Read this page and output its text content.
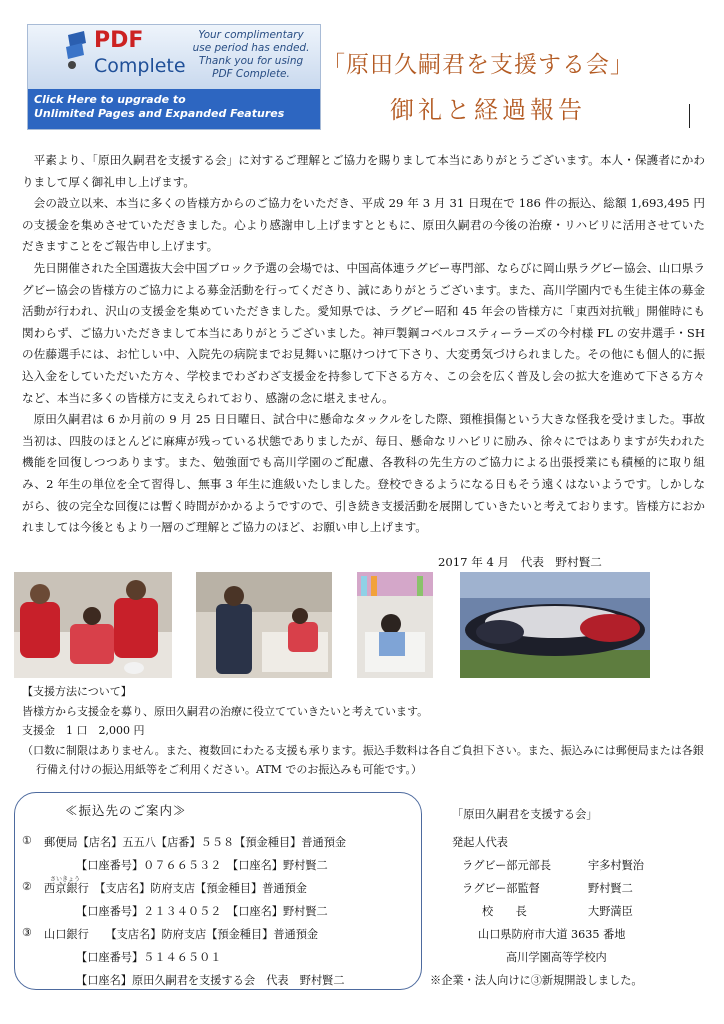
PDF
Complete
Your complimentary
use period has ended.
Thank you for using
PDF Complete.
Click Here to upgrade to
Unlimited Pages and Expanded Features
「原田久嗣君を支援する会」
御礼と経過報告

平素より、「原田久嗣君を支援する会」に対するご理解とご協力を賜りまして本当にありがとうございます。本人・保護者にかわりまして厚く御礼申し上げます。

会の設立以来、本当に多くの皆様方からのご協力をいただき、平成 29 年 3 月 31 日現在で 186 件の振込、総額 1,693,495 円の支援金を集めさせていただきました。心より感謝申し上げますとともに、原田久嗣君の今後の治療・リハビリに活用させていただきますことをご報告申し上げます。

先日開催された全国選抜大会中国ブロック予選の会場では、中国高体連ラグビー専門部、ならびに岡山県ラグビー協会、山口県ラグビー協会の皆様方のご協力による募金活動を行ってくださり、誠にありがとうございます。また、高川学園内でも生徒主体の募金活動が行われ、沢山の支援金を集めていただきました。愛知県では、ラグビー昭和 45 年会の皆様方に「東西対抗戦」開催時にも関わらず、ご協力いただきまして本当にありがとうございました。神戸製鋼コベルコスティーラーズの今村様 FL の安井選手・SH の佐藤選手には、お忙しい中、入院先の病院までお見舞いに駆けつけて下さり、大変勇気づけられました。その他にも個人的に振込入金をしていただいた方々、学校までわざわざ支援金を持参して下さる方々、この会を広く普及し会の拡大を進めて下さる方々など、本当に多くの皆様方に支えられており、感謝の念に堪えません。

原田久嗣君は 6 か月前の 9 月 25 日日曜日、試合中に懸命なタックルをした際、頸椎損傷という大きな怪我を受けました。事故当初は、四肢のほとんどに麻痺が残っている状態でありましたが、毎日、懸命なリハビリに励み、徐々にではありますが失われた機能を回復しつつあります。また、勉強面でも高川学園のご配慮、各教科の先生方のご協力による出張授業にも積極的に取り組み、2 年生の単位を全て習得し、無事 3 年生に進級いたしました。登校できるようになる日もそう遠くはないようです。しかしながら、彼の完全な回復には暫く時間がかかるようですので、引き続き支援活動を展開していきたいと考えております。皆様方におかれましては今後ともより一層のご理解とご協力のほど、お願い申し上げます。

2017 年 4 月　代表　野村賢二
【支援方法について】
皆様方から支援金を募り、原田久嗣君の治療に役立てていきたいと考えています。
支援金　1 口　2,000 円
（口数に制限はありません。また、複数回にわたる支援も承ります。振込手数料は各自ご負担下さい。また、振込みには郵便局または各銀
行備え付けの振込用紙等をご利用ください。ATM でのお振込みも可能です。）
≪振込先のご案内≫
① 郵便局【店名】五五八【店番】５５８【預金種目】普通預金
【口座番号】０７６６５３２　【口座名】野村賢二
さいきょう
② 西京銀行　【支店名】防府支店【預金種目】普通預金
【口座番号】２１３４０５２　【口座名】野村賢二
③ 山口銀行　　【支店名】防府支店【預金種目】普通預金
【口座番号】５１４６５０１
【口座名】原田久嗣君を支援する会　代表　野村賢二
「原田久嗣君を支援する会」
発起人代表
ラグビー部元部長	宇多村賢治
ラグビー部監督	野村賢二
校　　長	大野満臣
山口県防府市大道 3635 番地
高川学園高等学校内
※企業・法人向けに③新規開設しました。
